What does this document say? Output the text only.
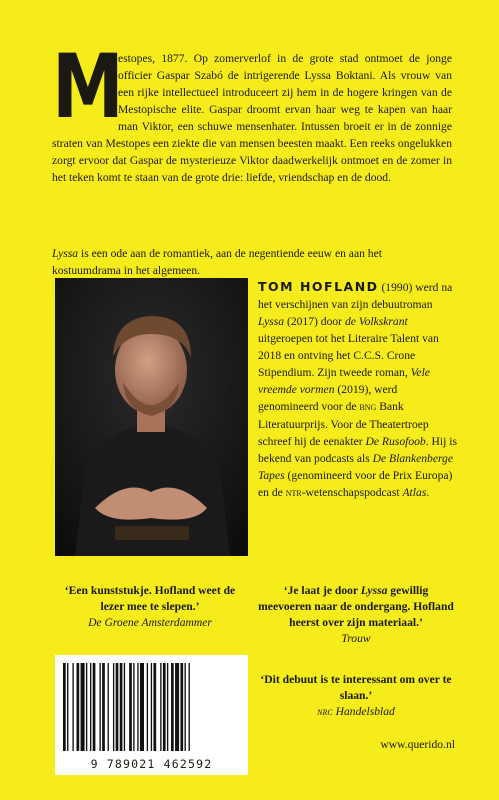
M
estopes, 1877. Op zomerverlof in de grote stad ontmoet de jonge officier Gaspar Szabó de intrigerende Lyssa Boktani. Als vrouw van een rijke intellectueel introduceert zij hem in de hogere kringen van de Mestopische elite. Gaspar droomt ervan haar weg te kapen van haar man Viktor, een schuwe mensenhater. Intussen broeit er in de zonnige straten van Mestopes een ziekte die van mensen beesten maakt. Een reeks ongelukken zorgt ervoor dat Gaspar de mysterieuze Viktor daadwerkelijk ontmoet en de zomer in het teken komt te staan van de grote drie: liefde, vriendschap en de dood.
Lyssa is een ode aan de romantiek, aan de negentiende eeuw en aan het kostuumdrama in het algemeen.
TOM HOFLAND (1990) werd na het verschijnen van zijn debuutroman Lyssa (2017) door de Volkskrant uitgeroepen tot het Literaire Talent van 2018 en ontving het C.C.S. Crone Stipendium. Zijn tweede roman, Vele vreemde vormen (2019), werd genomineerd voor de bng Bank Literatuurprijs. Voor de Theatertroep schreef hij de eenakter De Rusofoob. Hij is bekend van podcasts als De Blankenberge Tapes (genomineerd voor de Prix Europa) en de ntr-wetenschapspodcast Atlas.
‘Een kunststukje. Hofland weet de lezer mee te slepen.’
De Groene Amsterdammer
‘Je laat je door Lyssa gewillig meevoeren naar de ondergang. Hofland heerst over zijn materiaal.’
Trouw
‘Dit debuut is te interessant om over te slaan.’
nrc Handelsblad
9 789021 462592
www.querido.nl
